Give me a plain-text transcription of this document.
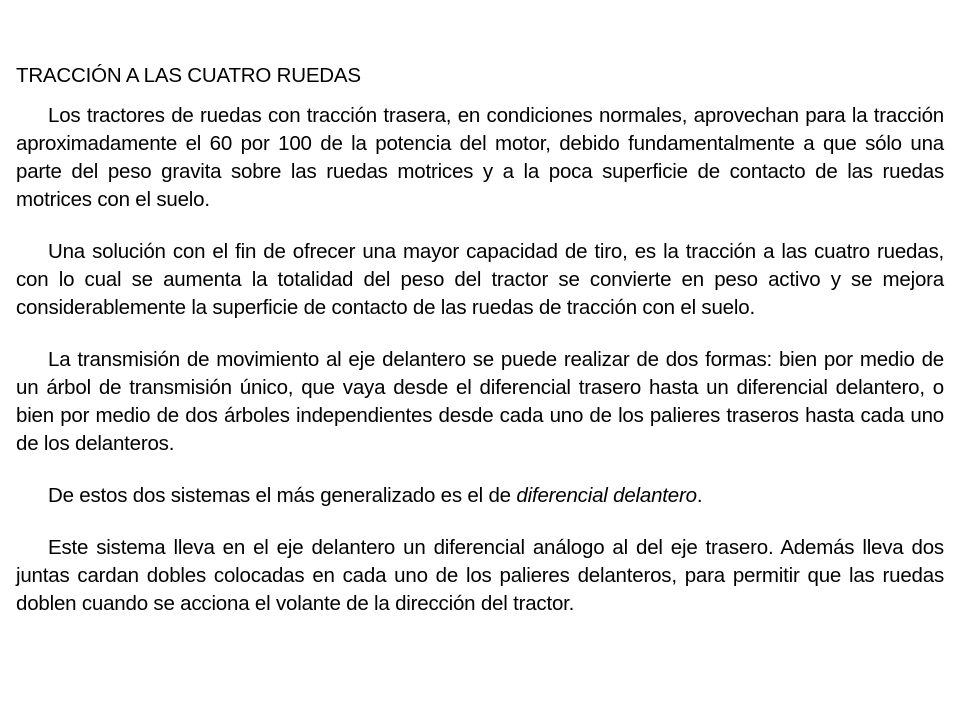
TRACCIÓN A LAS CUATRO RUEDAS

Los tractores de ruedas con tracción trasera, en condiciones normales, aprovechan para la tracción aproximadamente el 60 por 100 de la potencia del motor, debido fundamentalmente a que sólo una parte del peso gravita sobre las ruedas motrices y a la poca superficie de contacto de las ruedas motrices con el suelo.

Una solución con el fin de ofrecer una mayor capacidad de tiro, es la tracción a las cuatro ruedas, con lo cual se aumenta la totalidad del peso del tractor se convierte en peso activo y se mejora considerablemente la superficie de contacto de las ruedas de tracción con el suelo.

La transmisión de movimiento al eje delantero se puede realizar de dos formas: bien por medio de un árbol de transmisión único, que vaya desde el diferencial trasero hasta un diferencial delantero, o bien por medio de dos árboles independientes desde cada uno de los palieres traseros hasta cada uno de los delanteros.

De estos dos sistemas el más generalizado es el de diferencial delantero.

Este sistema lleva en el eje delantero un diferencial análogo al del eje trasero. Además lleva dos juntas cardan dobles colocadas en cada uno de los palieres delanteros, para permitir que las ruedas doblen cuando se acciona el volante de la dirección del tractor.
